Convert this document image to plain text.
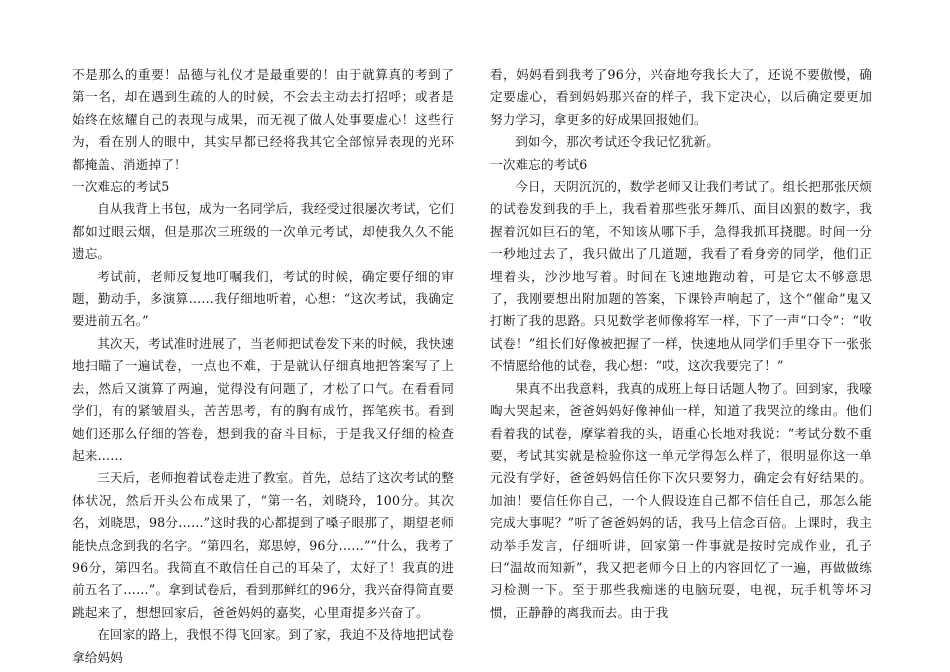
不是那么的重要！品德与礼仪才是最重要的！由于就算真的考到了第一名，却在遇到生疏的人的时候，不会去主动去打招呼；或者是始终在炫耀自己的表现与成果，而无视了做人处事要虚心！这些行为，看在别人的眼中，其实早都已经将我其它全部惊异表现的光环都掩盖、消逝掉了！

一次难忘的考试5

自从我背上书包，成为一名同学后，我经受过很屡次考试，它们都如过眼云烟，但是那次三班级的一次单元考试，却使我久久不能遗忘。

考试前，老师反复地叮嘱我们，考试的时候，确定要仔细的审题，勤动手，多演算……我仔细地听着，心想：“这次考试，我确定要进前五名。”

其次天，考试准时进展了，当老师把试卷发下来的时候，我快速地扫瞄了一遍试卷，一点也不难，于是就认仔细真地把答案写了上去，然后又演算了两遍，觉得没有问题了，才松了口气。在看看同学们，有的紧皱眉头，苦苦思考，有的胸有成竹，挥笔疾书。看到她们还那么仔细的答卷，想到我的奋斗目标，于是我又仔细的检查起来……

三天后，老师抱着试卷走进了教室。首先，总结了这次考试的整体状况，然后开头公布成果了，“第一名，刘晓玲，100分。其次名，刘晓思，98分……”这时我的心都提到了嗓子眼那了，期望老师能快点念到我的名字。“第四名，郑思婷，96分……”“什么，我考了96分，第四名。我简直不敢信任自己的耳朵了，太好了！我真的进前五名了……”。拿到试卷后，看到那鲜红的96分，我兴奋得简直要跳起来了，想想回家后，爸爸妈妈的嘉奖，心里甭提多兴奋了。

在回家的路上，我恨不得飞回家。到了家，我迫不及待地把试卷拿给妈妈

看，妈妈看到我考了96分，兴奋地夸我长大了，还说不要傲慢，确定要虚心，看到妈妈那兴奋的样子，我下定决心，以后确定要更加努力学习，拿更多的好成果回报她们。

到如今，那次考试还令我记忆犹新。

一次难忘的考试6

今日，天阴沉沉的，数学老师又让我们考试了。组长把那张厌烦的试卷发到我的手上，我看着那些张牙舞爪、面目凶狠的数字，我握着沉如巨石的笔，不知该从哪下手，急得我抓耳挠腮。时间一分一秒地过去了，我只做出了几道题，我看了看身旁的同学，他们正埋着头，沙沙地写着。时间在飞速地跑动着，可是它太不够意思了，我刚要想出附加题的答案，下课铃声响起了，这个“催命”鬼又打断了我的思路。只见数学老师像将军一样，下了一声“口令”：“收试卷！”组长们好像被把握了一样，快速地从同学们手里夺下一张张不情愿给他的试卷，我心想：“哎，这次我要完了！”

果真不出我意料，我真的成班上每日话题人物了。回到家，我嚎啕大哭起来，爸爸妈妈好像神仙一样，知道了我哭泣的缘由。他们看着我的试卷，摩挲着我的头，语重心长地对我说：“考试分数不重要，考试其实就是检验你这一单元学得怎么样了，很明显你这一单元没有学好，爸爸妈妈信任你下次只要努力，确定会有好结果的。加油！要信任你自己，一个人假设连自己都不信任自己，那怎么能完成大事呢？”听了爸爸妈妈的话，我马上信念百倍。上课时，我主动举手发言，仔细听讲，回家第一件事就是按时完成作业，孔子曰“温故而知新”，我又把老师今日上的内容回忆了一遍，再做做练习检测一下。至于那些我痴迷的电脑玩耍，电视，玩手机等坏习惯，正静静的离我而去。由于我
